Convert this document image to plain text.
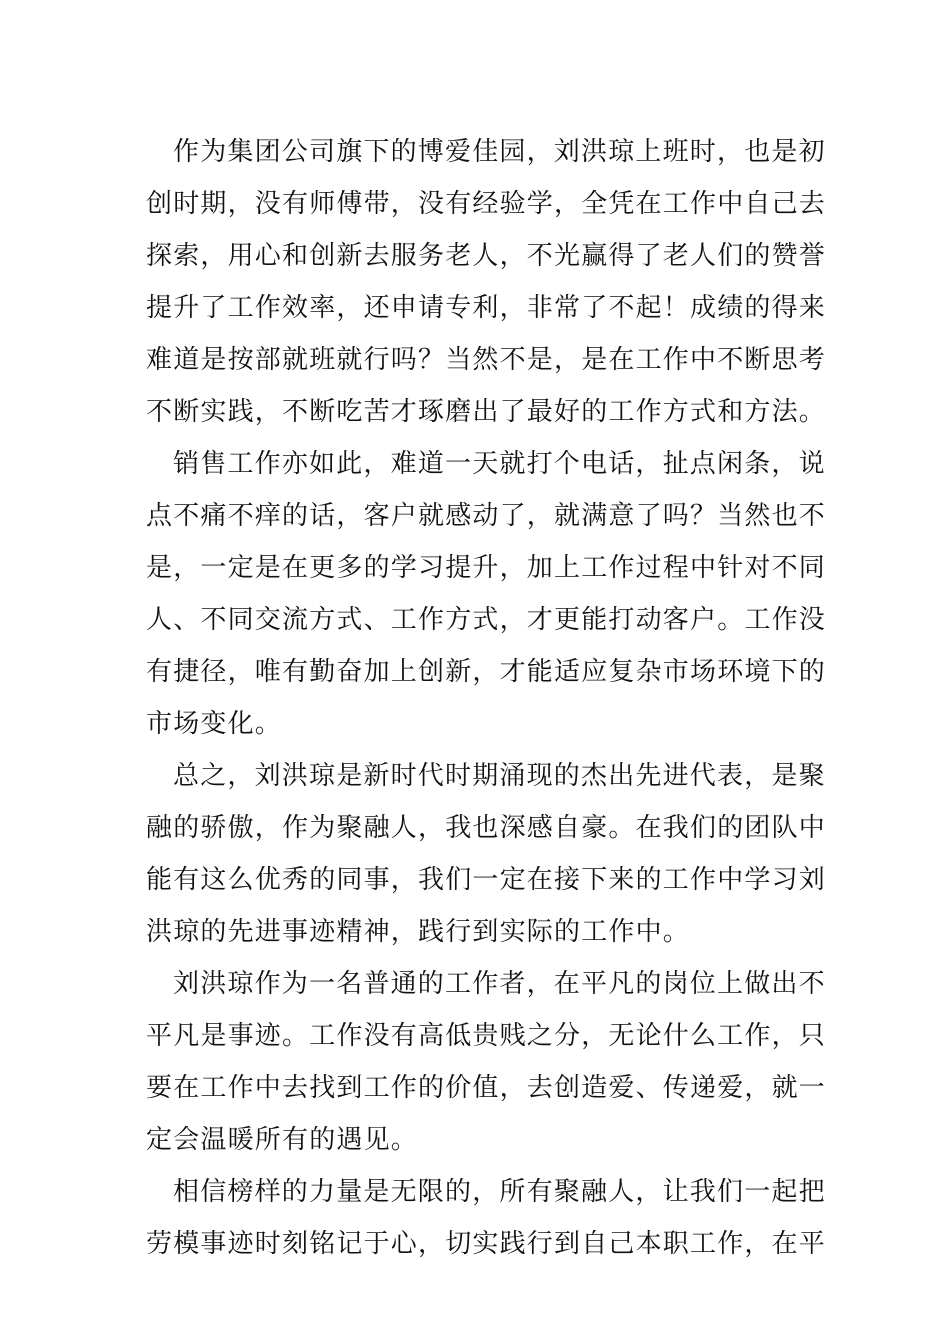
作为集团公司旗下的博爱佳园，刘洪琼上班时，也是初
创时期，没有师傅带，没有经验学，全凭在工作中自己去
探索，用心和创新去服务老人，不光赢得了老人们的赞誉
提升了工作效率，还申请专利，非常了不起！成绩的得来
难道是按部就班就行吗？当然不是，是在工作中不断思考
不断实践，不断吃苦才琢磨出了最好的工作方式和方法。
销售工作亦如此，难道一天就打个电话，扯点闲条，说
点不痛不痒的话，客户就感动了，就满意了吗？当然也不
是，一定是在更多的学习提升，加上工作过程中针对不同
人、不同交流方式、工作方式，才更能打动客户。工作没
有捷径，唯有勤奋加上创新，才能适应复杂市场环境下的
市场变化。
总之，刘洪琼是新时代时期涌现的杰出先进代表，是聚
融的骄傲，作为聚融人，我也深感自豪。在我们的团队中
能有这么优秀的同事，我们一定在接下来的工作中学习刘
洪琼的先进事迹精神，践行到实际的工作中。
刘洪琼作为一名普通的工作者，在平凡的岗位上做出不
平凡是事迹。工作没有高低贵贱之分，无论什么工作，只
要在工作中去找到工作的价值，去创造爱、传递爱，就一
定会温暖所有的遇见。
相信榜样的力量是无限的，所有聚融人，让我们一起把
劳模事迹时刻铭记于心，切实践行到自己本职工作，在平
